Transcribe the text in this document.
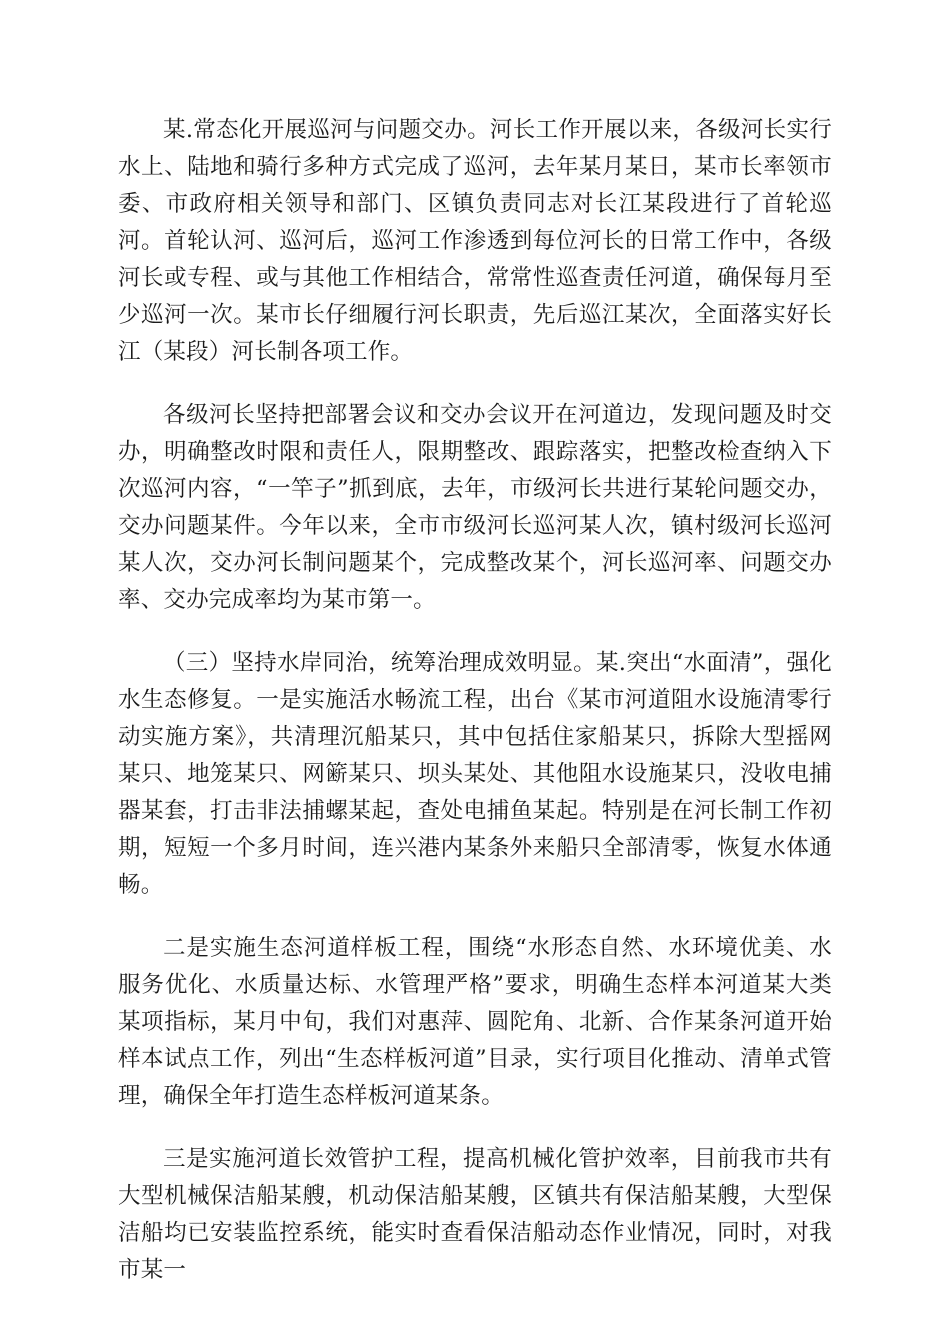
某.常态化开展巡河与问题交办。河长工作开展以来，各级河长实行水上、陆地和骑行多种方式完成了巡河，去年某月某日，某市长率领市委、市政府相关领导和部门、区镇负责同志对长江某段进行了首轮巡河。首轮认河、巡河后，巡河工作渗透到每位河长的日常工作中，各级河长或专程、或与其他工作相结合，常常性巡查责任河道，确保每月至少巡河一次。某市长仔细履行河长职责，先后巡江某次，全面落实好长江（某段）河长制各项工作。

各级河长坚持把部署会议和交办会议开在河道边，发现问题及时交办，明确整改时限和责任人，限期整改、跟踪落实，把整改检查纳入下次巡河内容，“一竿子”抓到底，去年，市级河长共进行某轮问题交办，交办问题某件。今年以来，全市市级河长巡河某人次，镇村级河长巡河某人次，交办河长制问题某个，完成整改某个，河长巡河率、问题交办率、交办完成率均为某市第一。

（三）坚持水岸同治，统筹治理成效明显。某.突出“水面清”，强化水生态修复。一是实施活水畅流工程，出台《某市河道阻水设施清零行动实施方案》，共清理沉船某只，其中包括住家船某只，拆除大型摇网某只、地笼某只、网簖某只、坝头某处、其他阻水设施某只，没收电捕器某套，打击非法捕螺某起，查处电捕鱼某起。特别是在河长制工作初期，短短一个多月时间，连兴港内某条外来船只全部清零，恢复水体通畅。

二是实施生态河道样板工程，围绕“水形态自然、水环境优美、水服务优化、水质量达标、水管理严格”要求，明确生态样本河道某大类某项指标，某月中旬，我们对惠萍、圆陀角、北新、合作某条河道开始样本试点工作，列出“生态样板河道”目录，实行项目化推动、清单式管理，确保全年打造生态样板河道某条。

三是实施河道长效管护工程，提高机械化管护效率，目前我市共有大型机械保洁船某艘，机动保洁船某艘，区镇共有保洁船某艘，大型保洁船均已安装监控系统，能实时查看保洁船动态作业情况，同时，对我市某一
